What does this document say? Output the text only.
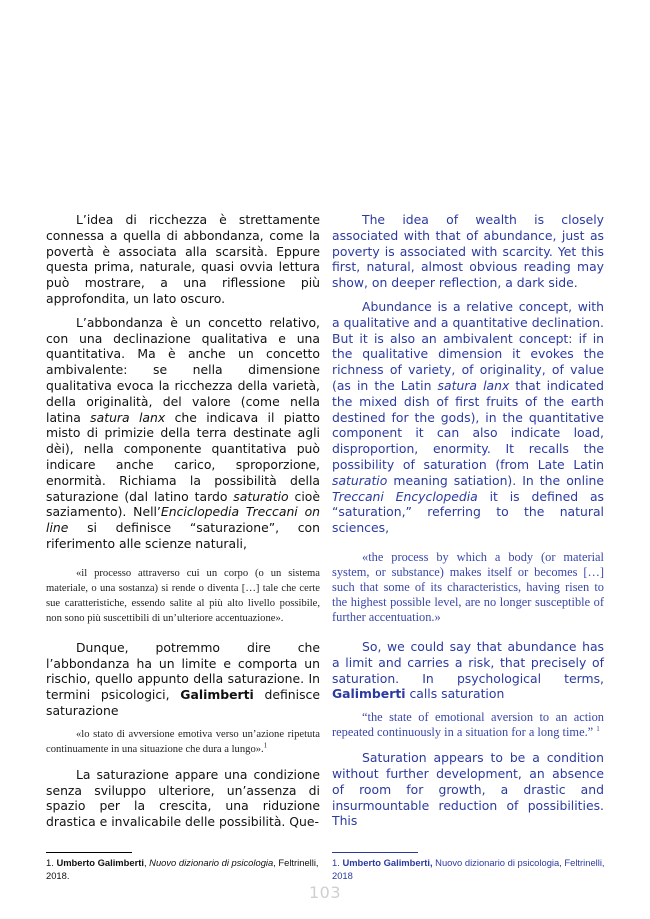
L’idea di ricchezza è strettamente connessa a quella di abbondanza, come la povertà è associata alla scarsità. Eppure questa prima, naturale, quasi ovvia lettura può mostrare, a una riflessione più approfondita, un lato oscuro.

L’abbondanza è un concetto relativo, con una declinazione qualitativa e una quantitativa. Ma è anche un concetto ambivalente: se nella dimensione qualitativa evoca la ricchezza della varietà, della originalità, del valore (come nella latina satura lanx che indicava il piatto misto di primizie della terra destinate agli dèi), nella componente quantitativa può indicare anche carico, sproporzione, enormità. Richiama la possibilità della saturazione (dal latino tardo saturatio cioè saziamento). Nell’Enciclopedia Treccani on line si definisce “saturazione”, con riferimento alle scienze naturali,

«il processo attraverso cui un corpo (o un sistema materiale, o una sostanza) si rende o diventa […] tale che certe sue caratteristiche, essendo salite al più alto livello possibile, non sono più suscettibili di un’ulteriore accentuazione».

Dunque, potremmo dire che l’abbondanza ha un limite e comporta un rischio, quello appunto della saturazione. In termini psicologici, Galimberti definisce saturazione

«lo stato di avversione emotiva verso un’azione ripetuta continuamente in una situazione che dura a lungo».$^1$

La saturazione appare una condizione senza sviluppo ulteriore, un’assenza di spazio per la crescita, una riduzione drastica e invalicabile delle possibilità. Que-

The idea of wealth is closely associated with that of abundance, just as poverty is associated with scarcity. Yet this first, natural, almost obvious reading may show, on deeper reflection, a dark side.

Abundance is a relative concept, with a qualitative and a quantitative declination. But it is also an ambivalent concept: if in the qualitative dimension it evokes the richness of variety, of originality, of value (as in the Latin satura lanx that indicated the mixed dish of first fruits of the earth destined for the gods), in the quantitative component it can also indicate load, disproportion, enormity. It recalls the possibility of saturation (from Late Latin saturatio meaning satiation). In the online Treccani Encyclopedia it is defined as “saturation,” referring to the natural sciences,

«the process by which a body (or material system, or substance) makes itself or becomes […] such that some of its characteristics, having risen to the highest possible level, are no longer susceptible of further accentuation.»

So, we could say that abundance has a limit and carries a risk, that precisely of saturation. In psychological terms, Galimberti calls saturation

“the state of emotional aversion to an action repeated continuously in a situation for a long time.” $^1$

Saturation appears to be a condition without further development, an absence of room for growth, a drastic and insurmountable reduction of possibilities. This

1. Umberto Galimberti, Nuovo dizionario di psicologia, Feltrinelli, 2018.
1. Umberto Galimberti, Nuovo dizionario di psicologia, Feltrinelli, 2018
103
